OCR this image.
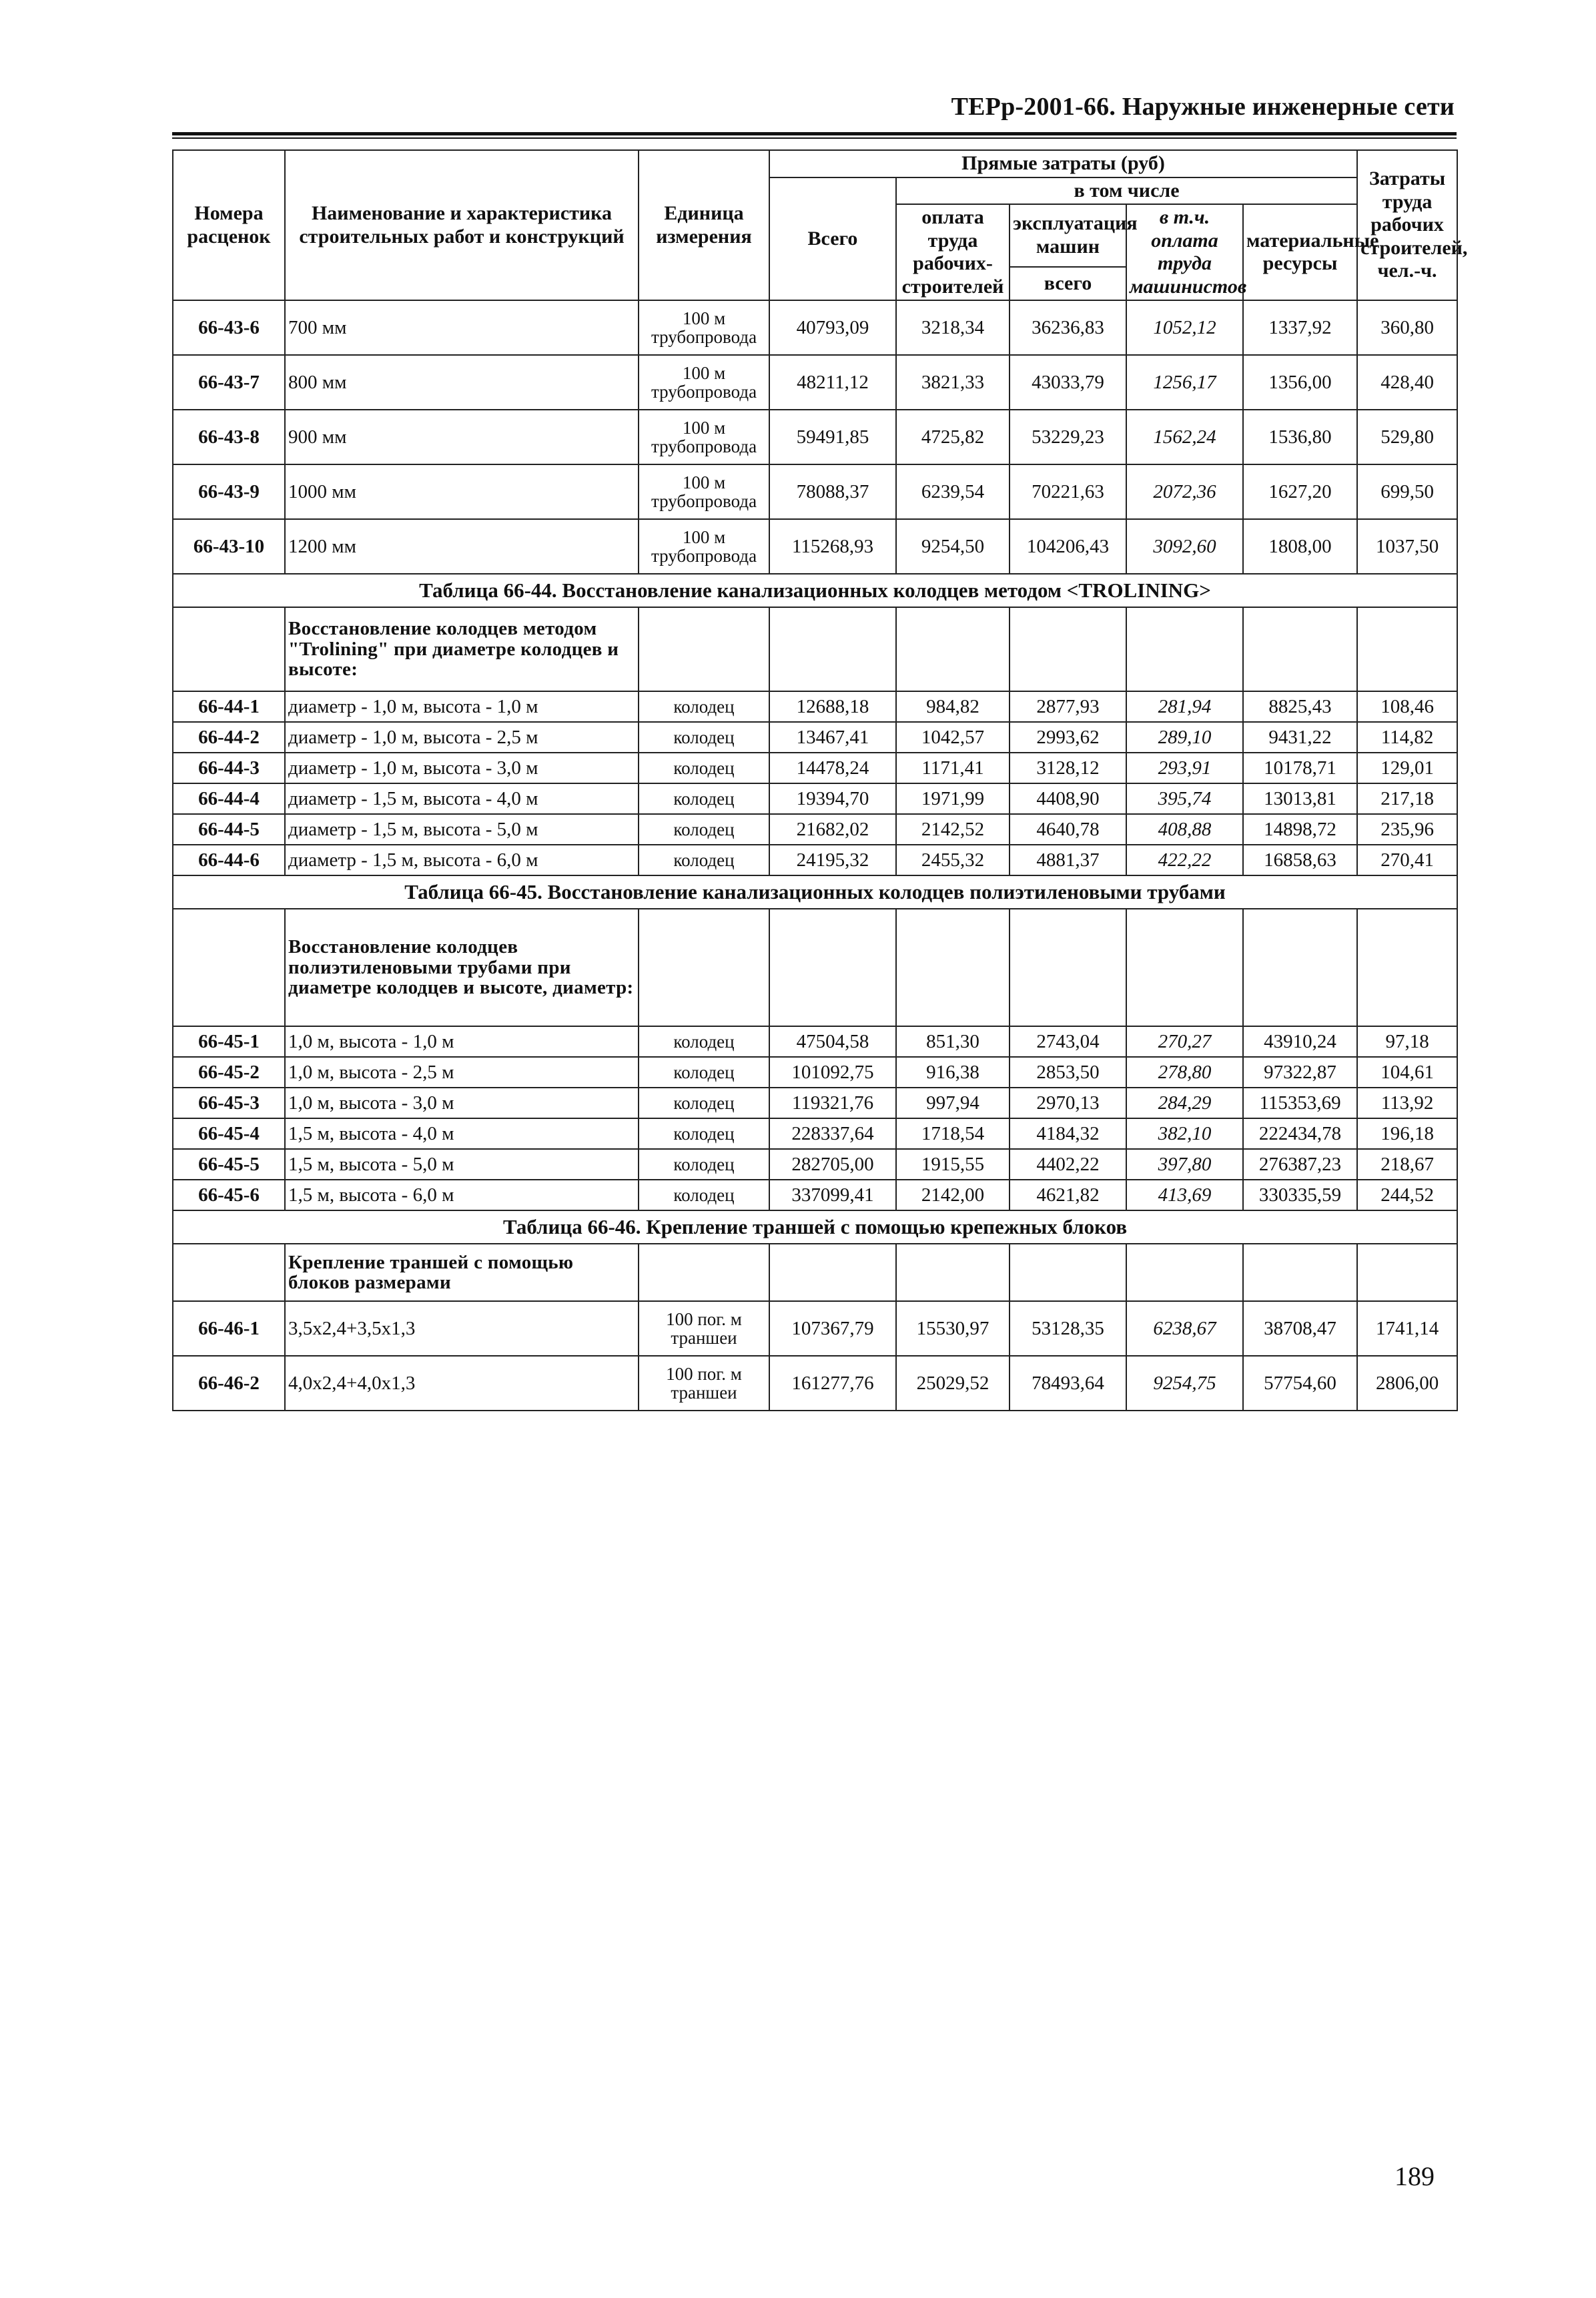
ТЕРр-2001-66. Наружные инженерные сети
Номера расценок	Наименование и характеристика строительных работ и конструкций	Единица измерения	Прямые затраты (руб)					Затраты труда рабочих строителей, чел.-ч.
			Всего	в том числе				
				оплата труда рабочих-строителей	эксплуатация машин	в т.ч. оплата труда машинистов	материальные ресурсы	
					всего			
66-43-6	700 мм	100 м трубопровода	40793,09	3218,34	36236,83	1052,12	1337,92	360,80
66-43-7	800 мм	100 м трубопровода	48211,12	3821,33	43033,79	1256,17	1356,00	428,40
66-43-8	900 мм	100 м трубопровода	59491,85	4725,82	53229,23	1562,24	1536,80	529,80
66-43-9	1000 мм	100 м трубопровода	78088,37	6239,54	70221,63	2072,36	1627,20	699,50
66-43-10	1200 мм	100 м трубопровода	115268,93	9254,50	104206,43	3092,60	1808,00	1037,50
Таблица 66-44. Восстановление канализационных колодцев методом <TROLINING>								
	Восстановление колодцев методом "Trolining" при диаметре колодцев и высоте:							
66-44-1	диаметр - 1,0 м, высота - 1,0 м	колодец	12688,18	984,82	2877,93	281,94	8825,43	108,46
66-44-2	диаметр - 1,0 м, высота - 2,5 м	колодец	13467,41	1042,57	2993,62	289,10	9431,22	114,82
66-44-3	диаметр - 1,0 м, высота - 3,0 м	колодец	14478,24	1171,41	3128,12	293,91	10178,71	129,01
66-44-4	диаметр - 1,5 м, высота - 4,0 м	колодец	19394,70	1971,99	4408,90	395,74	13013,81	217,18
66-44-5	диаметр - 1,5 м, высота - 5,0 м	колодец	21682,02	2142,52	4640,78	408,88	14898,72	235,96
66-44-6	диаметр - 1,5 м, высота - 6,0 м	колодец	24195,32	2455,32	4881,37	422,22	16858,63	270,41
Таблица 66-45. Восстановление канализационных колодцев полиэтиленовыми трубами								
	Восстановление колодцев полиэтиленовыми трубами при диаметре колодцев и высоте, диаметр:							
66-45-1	1,0 м, высота - 1,0 м	колодец	47504,58	851,30	2743,04	270,27	43910,24	97,18
66-45-2	1,0 м, высота - 2,5 м	колодец	101092,75	916,38	2853,50	278,80	97322,87	104,61
66-45-3	1,0 м, высота - 3,0 м	колодец	119321,76	997,94	2970,13	284,29	115353,69	113,92
66-45-4	1,5 м, высота - 4,0 м	колодец	228337,64	1718,54	4184,32	382,10	222434,78	196,18
66-45-5	1,5 м, высота - 5,0 м	колодец	282705,00	1915,55	4402,22	397,80	276387,23	218,67
66-45-6	1,5 м, высота - 6,0 м	колодец	337099,41	2142,00	4621,82	413,69	330335,59	244,52
Таблица 66-46. Крепление траншей с помощью крепежных блоков								
	Крепление траншей с помощью блоков размерами							
66-46-1	3,5x2,4+3,5x1,3	100 пог. м траншеи	107367,79	15530,97	53128,35	6238,67	38708,47	1741,14
66-46-2	4,0x2,4+4,0x1,3	100 пог. м траншеи	161277,76	25029,52	78493,64	9254,75	57754,60	2806,00
189
